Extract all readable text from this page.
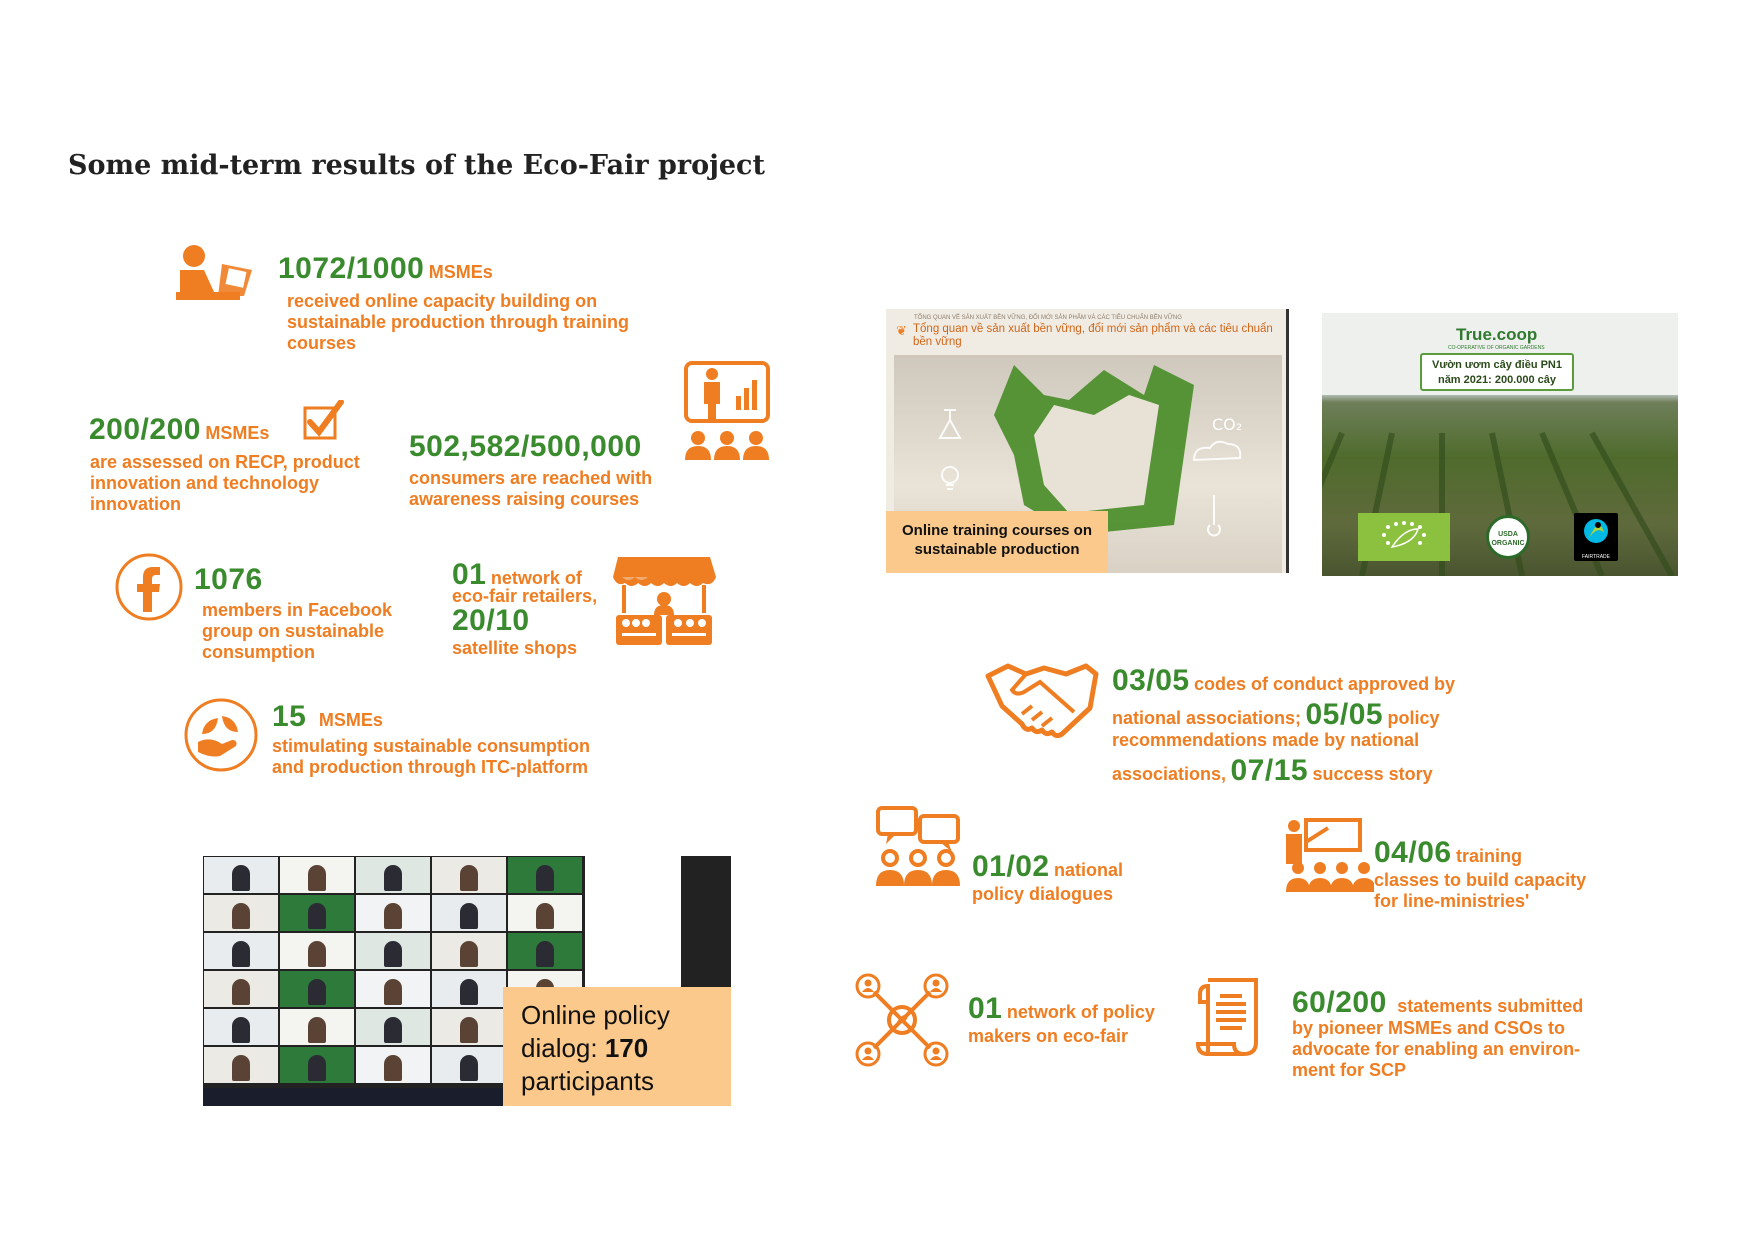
Some mid-term results of the Eco-Fair project
1072/1000 MSMEs
received online capacity building on sustainable production through training courses
200/200 MSMEs
are assessed on RECP, product innovation and technology innovation
502,582/500,000
consumers are reached with awareness raising courses
1076
members in Facebook group on sustainable consumption
01 network of
eco-fair retailers,
20/10
satellite shops
15 MSMEs
stimulating sustainable consumption and production through ITC-platform
TỔNG QUAN VỀ SẢN XUẤT BỀN VỮNG, ĐỔI MỚI SẢN PHẨM VÀ CÁC TIÊU CHUẨN BỀN VỮNG
❦ Tổng quan về sản xuất bền vững, đổi mới sản phẩm và các tiêu chuẩn bền vững
CO₂
Online training courses on sustainable production
True.coop
CO-OPERATIVE OF ORGANIC GARDENS
Vườn ươm cây điều PN1
năm 2021: 200.000 cây
USDA ORGANIC
FAIRTRADE
03/05 codes of conduct approved by
national associations; 05/05 policy
recommendations made by national
associations, 07/15 success story
01/02 national
policy dialogues
04/06 training
classes to build capacity for line-ministries'
01 network of policy
makers on eco-fair
60/200 statements submitted
by pioneer MSMEs and CSOs to advocate for enabling an environ-ment for SCP
Online policy dialog: 170
participants
